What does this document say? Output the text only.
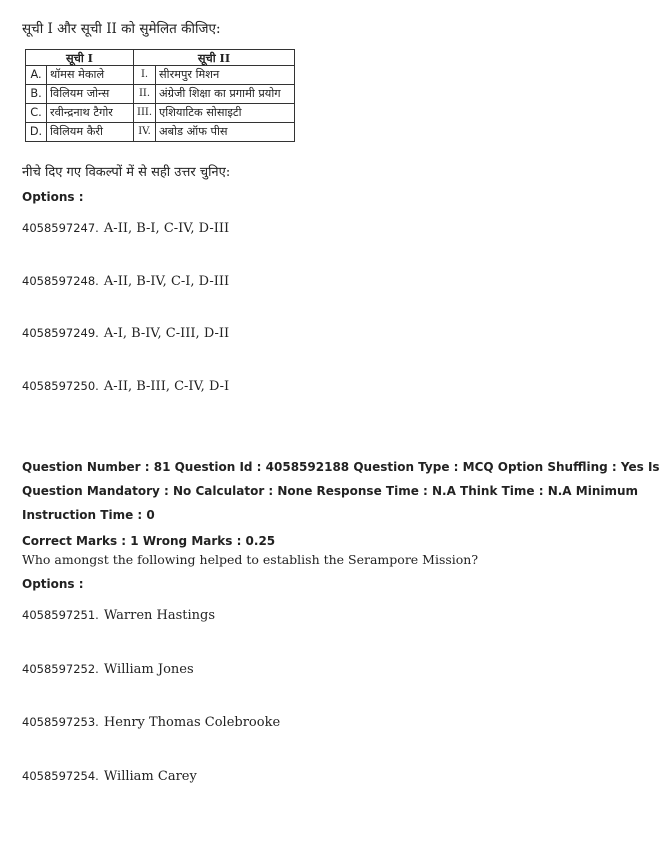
सूची I और सूची II को सुमेलित कीजिए:
सूची I		सूची II	
A.	थॉमस मेकाले	I.	सीरमपुर मिशन
B.	विलियम जोन्स	II.	अंग्रेजी शिक्षा का प्रगामी प्रयोग
C.	रवीन्द्रनाथ टैगोर	III.	एशियाटिक सोसाइटी
D.	विलियम कैरी	IV.	अबोड ऑफ पीस
नीचे दिए गए विकल्पों में से सही उत्तर चुनिए:
Options :
4058597247. A-II, B-I, C-IV, D-III
4058597248. A-II, B-IV, C-I, D-III
4058597249. A-I, B-IV, C-III, D-II
4058597250. A-II, B-III, C-IV, D-I
Question Number : 81 Question Id : 4058592188 Question Type : MCQ Option Shuffling : Yes Is
Question Mandatory : No Calculator : None Response Time : N.A Think Time : N.A Minimum
Instruction Time : 0
Correct Marks : 1 Wrong Marks : 0.25
Who amongst the following helped to establish the Serampore Mission?
Options :
4058597251. Warren Hastings
4058597252. William Jones
4058597253. Henry Thomas Colebrooke
4058597254. William Carey
